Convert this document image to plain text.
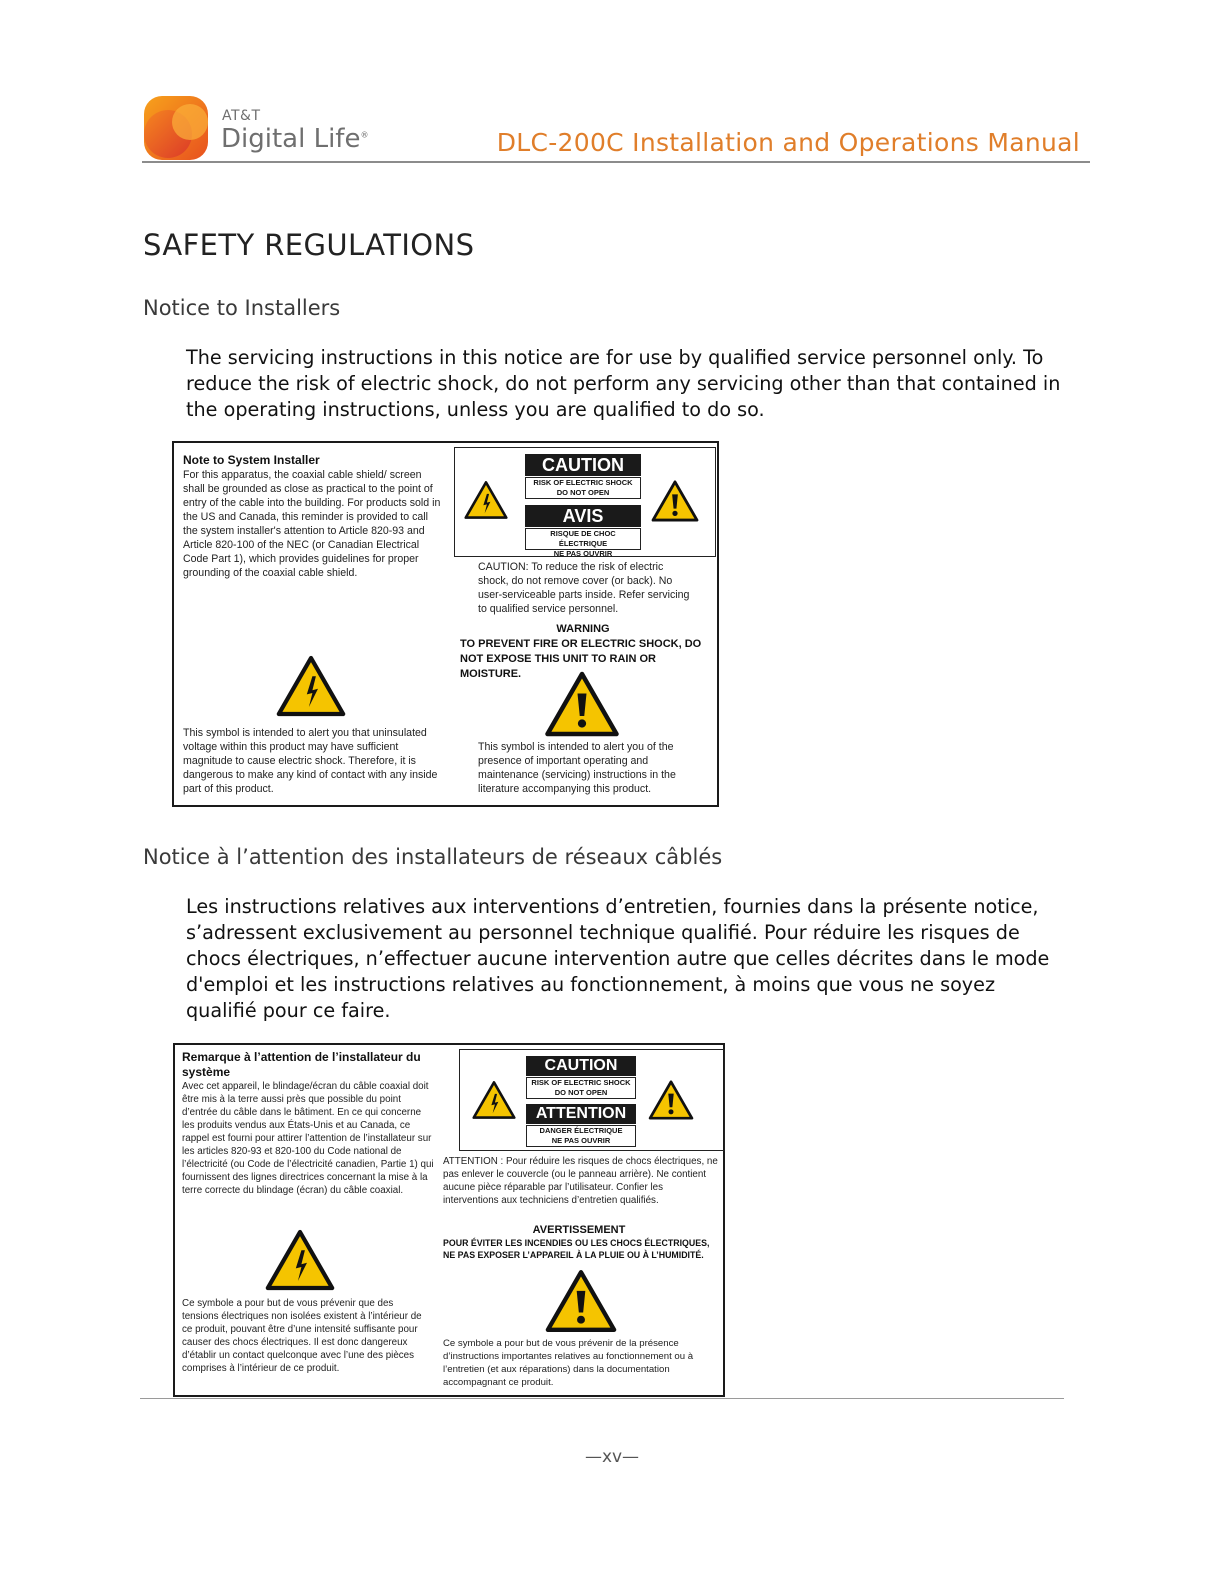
AT&T
Digital Life®	DLC-200C Installation and Operations Manual
SAFETY REGULATIONS
Notice to Installers
The servicing instructions in this notice are for use by qualified service personnel only. To reduce the risk of electric shock, do not perform any servicing other than that contained in the operating instructions, unless you are qualified to do so.
Note to System Installer
For this apparatus, the coaxial cable shield/ screen shall be grounded as close as practical to the point of entry of the cable into the building. For products sold in the US and Canada, this reminder is provided to call the system installer's attention to Article 820-93 and Article 820-100 of the NEC (or Canadian Electrical Code Part 1), which provides guidelines for proper grounding of the coaxial cable shield.
This symbol is intended to alert you that uninsulated voltage within this product may have sufficient magnitude to cause electric shock. Therefore, it is dangerous to make any kind of contact with any inside part of this product.
CAUTION
RISK OF ELECTRIC SHOCK
DO NOT OPEN
AVIS
RISQUE DE CHOC ÉLECTRIQUE
NE PAS OUVRIR
CAUTION: To reduce the risk of electric shock, do not remove cover (or back). No user-serviceable parts inside. Refer servicing to qualified service personnel.
WARNING
TO PREVENT FIRE OR ELECTRIC SHOCK, DO NOT EXPOSE THIS UNIT TO RAIN OR MOISTURE.
This symbol is intended to alert you of the presence of important operating and maintenance (servicing) instructions in the literature accompanying this product.
Notice à l’attention des installateurs de réseaux câblés
Les instructions relatives aux interventions d’entretien, fournies dans la présente notice, s’adressent exclusivement au personnel technique qualifié. Pour réduire les risques de chocs électriques, n’effectuer aucune intervention autre que celles décrites dans le mode d'emploi et les instructions relatives au fonctionnement, à moins que vous ne soyez qualifié pour ce faire.
Remarque à l’attention de l’installateur du système
Avec cet appareil, le blindage/écran du câble coaxial doit être mis à la terre aussi près que possible du point d’entrée du câble dans le bâtiment. En ce qui concerne les produits vendus aux États-Unis et au Canada, ce rappel est fourni pour attirer l’attention de l’installateur sur les articles 820-93 et 820-100 du Code national de l’électricité (ou Code de l’électricité canadien, Partie 1) qui fournissent des lignes directrices concernant la mise à la terre correcte du blindage (écran) du câble coaxial.
Ce symbole a pour but de vous prévenir que des tensions électriques non isolées existent à l’intérieur de ce produit, pouvant être d’une intensité suffisante pour causer des chocs électriques. Il est donc dangereux d’établir un contact quelconque avec l’une des pièces comprises à l’intérieur de ce produit.
CAUTION
RISK OF ELECTRIC SHOCK
DO NOT OPEN
ATTENTION
DANGER ÉLECTRIQUE
NE PAS OUVRIR
ATTENTION : Pour réduire les risques de chocs électriques, ne pas enlever le couvercle (ou le panneau arrière). Ne contient aucune pièce réparable par l’utilisateur. Confier les interventions aux techniciens d’entretien qualifiés.
AVERTISSEMENT
POUR ÉVITER LES INCENDIES OU LES CHOCS ÉLECTRIQUES, NE PAS EXPOSER L’APPAREIL À LA PLUIE OU À L’HUMIDITÉ.
Ce symbole a pour but de vous prévenir de la présence d’instructions importantes relatives au fonctionnement ou à l’entretien (et aux réparations) dans la documentation accompagnant ce produit.
—xv—
